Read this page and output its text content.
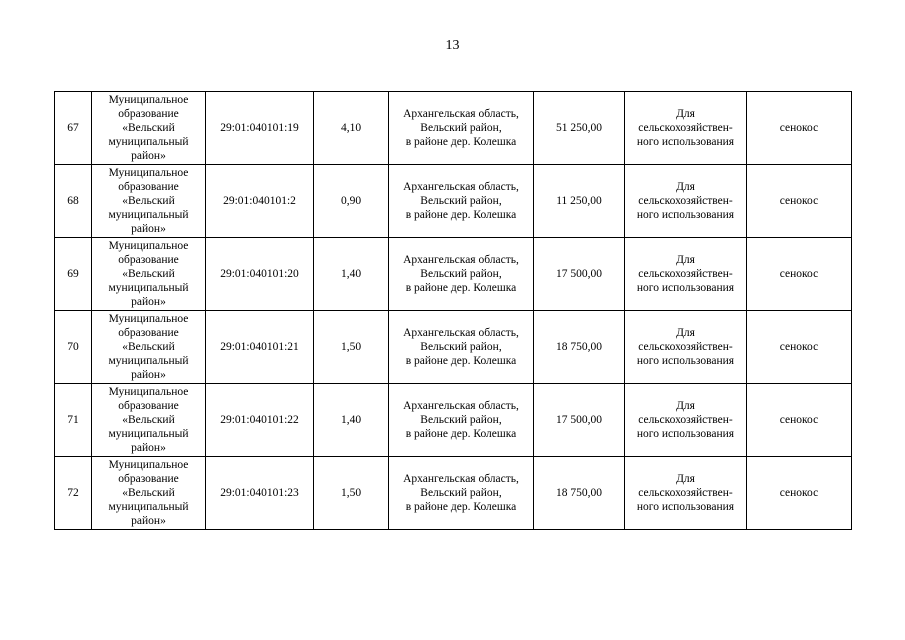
13
67	Муниципальное
образование
«Вельский
муниципальный
район»	29:01:040101:19	4,10	Архангельская область,
Вельский район,
в районе дер. Колешка	51 250,00	Для
сельскохозяйствен-
ного использования	сенокос
68	Муниципальное
образование
«Вельский
муниципальный
район»	29:01:040101:2	0,90	Архангельская область,
Вельский район,
в районе дер. Колешка	11 250,00	Для
сельскохозяйствен-
ного использования	сенокос
69	Муниципальное
образование
«Вельский
муниципальный
район»	29:01:040101:20	1,40	Архангельская область,
Вельский район,
в районе дер. Колешка	17 500,00	Для
сельскохозяйствен-
ного использования	сенокос
70	Муниципальное
образование
«Вельский
муниципальный
район»	29:01:040101:21	1,50	Архангельская область,
Вельский район,
в районе дер. Колешка	18 750,00	Для
сельскохозяйствен-
ного использования	сенокос
71	Муниципальное
образование
«Вельский
муниципальный
район»	29:01:040101:22	1,40	Архангельская область,
Вельский район,
в районе дер. Колешка	17 500,00	Для
сельскохозяйствен-
ного использования	сенокос
72	Муниципальное
образование
«Вельский
муниципальный
район»	29:01:040101:23	1,50	Архангельская область,
Вельский район,
в районе дер. Колешка	18 750,00	Для
сельскохозяйствен-
ного использования	сенокос
